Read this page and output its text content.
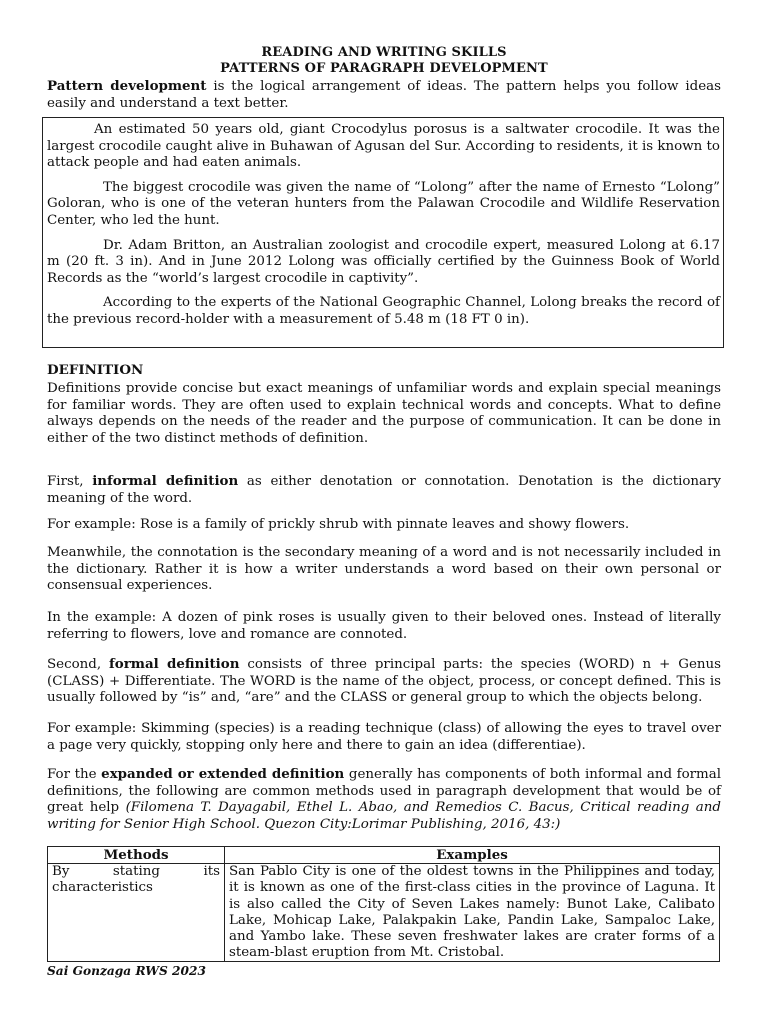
READING AND WRITING SKILLS
PATTERNS OF PARAGRAPH DEVELOPMENT
Pattern development is the logical arrangement of ideas. The pattern helps you follow ideas easily and understand a text better.

An estimated 50 years old, giant Crocodylus porosus is a saltwater crocodile. It was the largest crocodile caught alive in Buhawan of Agusan del Sur. According to residents, it is known to attack people and had eaten animals.

The biggest crocodile was given the name of “Lolong” after the name of Ernesto “Lolong” Goloran, who is one of the veteran hunters from the Palawan Crocodile and Wildlife Reservation Center, who led the hunt.

Dr. Adam Britton, an Australian zoologist and crocodile expert, measured Lolong at 6.17 m (20 ft. 3 in). And in June 2012 Lolong was officially certified by the Guinness Book of World Records as the “world’s largest crocodile in captivity”.

According to the experts of the National Geographic Channel, Lolong breaks the record of the previous record-holder with a measurement of 5.48 m (18 FT 0 in).

DEFINITION
Definitions provide concise but exact meanings of unfamiliar words and explain special meanings for familiar words. They are often used to explain technical words and concepts. What to define always depends on the needs of the reader and the purpose of communication. It can be done in either of the two distinct methods of definition.

First, informal definition as either denotation or connotation. Denotation is the dictionary meaning of the word.

For example: Rose is a family of prickly shrub with pinnate leaves and showy flowers.

Meanwhile, the connotation is the secondary meaning of a word and is not necessarily included in the dictionary. Rather it is how a writer understands a word based on their own personal or consensual experiences.

In the example: A dozen of pink roses is usually given to their beloved ones. Instead of literally referring to flowers, love and romance are connoted.

Second, formal definition consists of three principal parts: the species (WORD) n + Genus (CLASS) + Differentiate. The WORD is the name of the object, process, or concept defined. This is usually followed by “is” and, “are” and the CLASS or general group to which the objects belong.

For example: Skimming (species) is a reading technique (class) of allowing the eyes to travel over a page very quickly, stopping only here and there to gain an idea (differentiae).

For the expanded or extended definition generally has components of both informal and formal definitions, the following are common methods used in paragraph development that would be of great help (Filomena T. Dayagabil, Ethel L. Abao, and Remedios C. Bacus, Critical reading and writing for Senior High School. Quezon City:Lorimar Publishing, 2016, 43:)

Methods	Examples
By stating its characteristics	San Pablo City is one of the oldest towns in the Philippines and today, it is known as one of the first-class cities in the province of Laguna. It is also called the City of Seven Lakes namely: Bunot Lake, Calibato Lake, Mohicap Lake, Palakpakin Lake, Pandin Lake, Sampaloc Lake, and Yambo lake. These seven freshwater lakes are crater forms of a steam-blast eruption from Mt. Cristobal.
Sai Gonzaga RWS 2023
